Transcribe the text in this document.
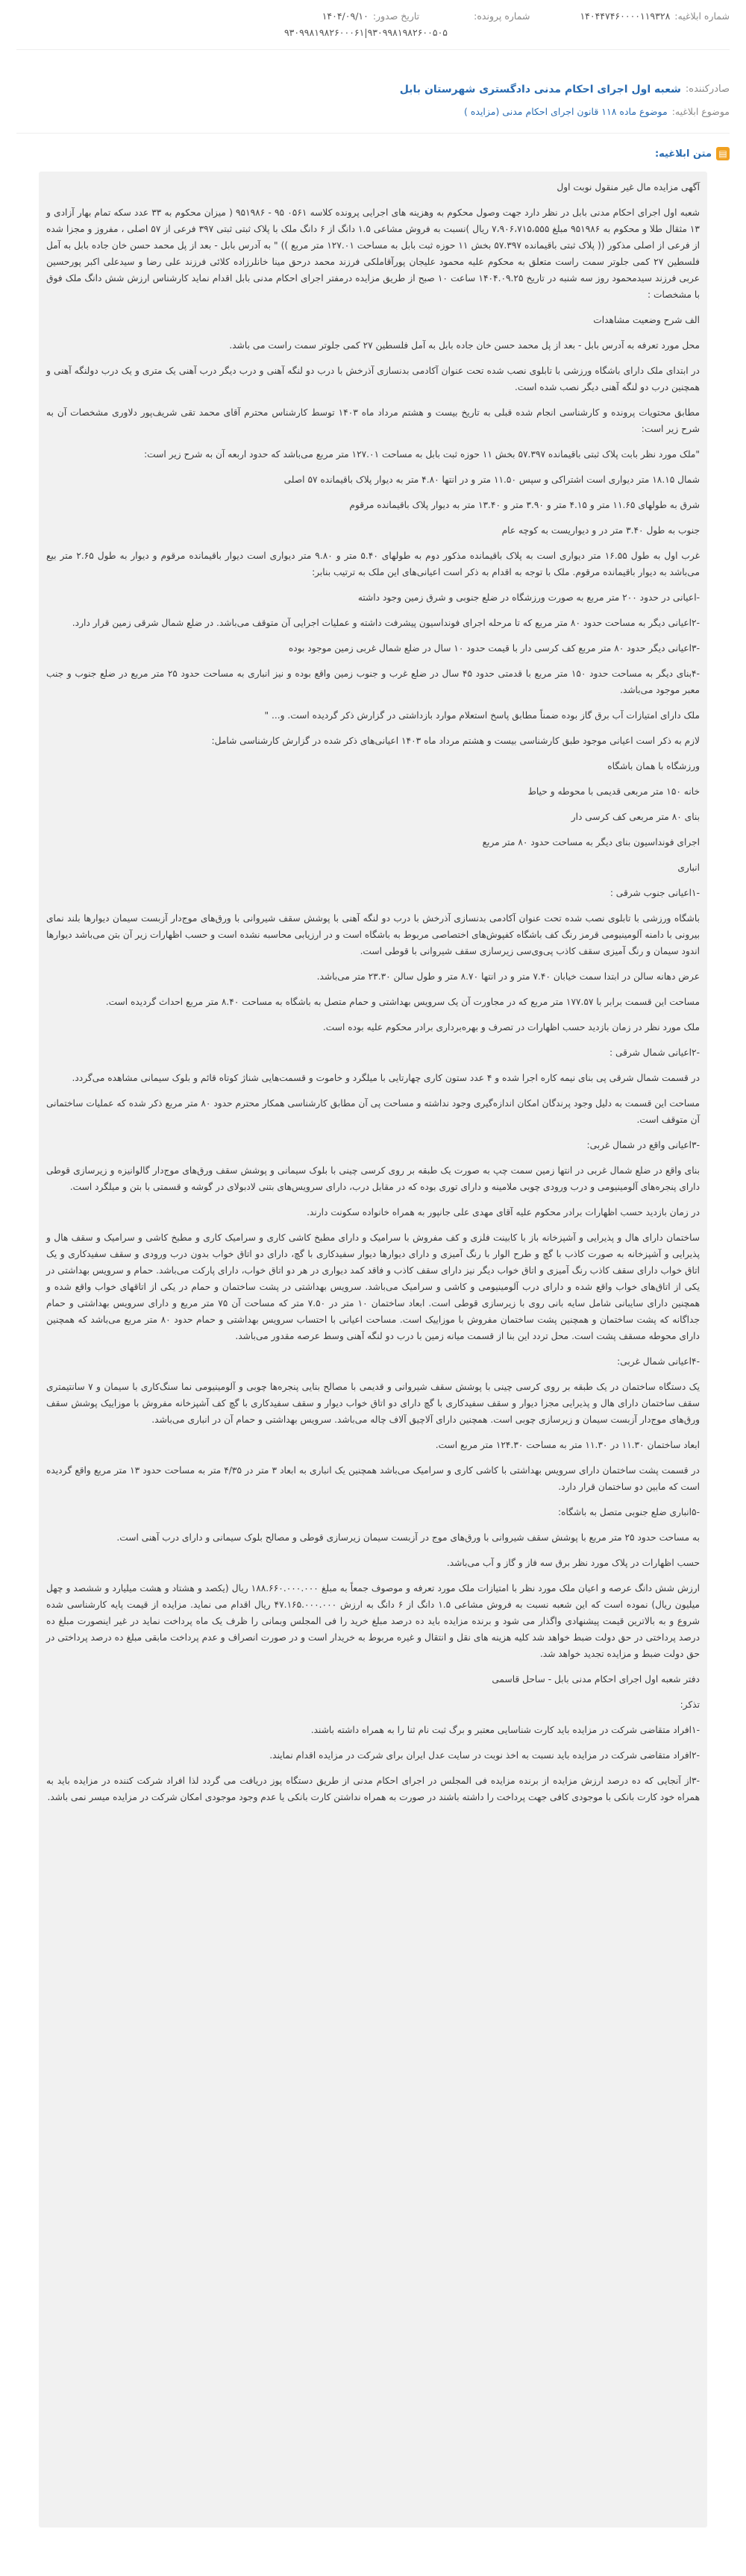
شماره ابلاغیه:
۱۴۰۴۴۷۴۶۰۰۰۰۱۱۹۳۲۸
شماره پرونده:
تاریخ صدور:
۱۴۰۴/۰۹/۱۰
۹۳۰۹۹۸۱۹۸۲۶۰۰۰۶۱|۹۳۰۹۹۸۱۹۸۲۶۰۰۵۰۵
صادرکننده:
شعبه اول اجرای احکام مدنی دادگستری شهرستان بابل
موضوع ابلاغیه:
موضوع ماده ۱۱۸ قانون اجرای احکام مدنی (مزایده )
▤
متن ابلاغیه:

آگهی مزایده مال غیر منقول نوبت اول

شعبه اول اجرای احکام مدنی بابل در نظر دارد جهت وصول محکوم به وهزینه های اجرایی پرونده کلاسه ۰۵۶۱ ۹۵ - ۹۵۱۹۸۶ ( میزان محکوم به ۳۳ عدد سکه تمام بهار آزادی و ۱۳ مثقال طلا و محکوم به ۹۵۱۹۸۶ مبلغ ۷،۹۰۶،۷۱۵،۵۵۵ ریال )نسبت به فروش مشاعی ۱.۵ دانگ از ۶ دانگ ملک با پلاک ثبتی ثبتی ۳۹۷ فرعی از ۵۷ اصلی ، مفروز و مجزا شده از فرعی از اصلی مذکور (( پلاک ثبتی باقیمانده ۵۷.۳۹۷ بخش ۱۱ حوزه ثبت بابل به مساحت ۱۲۷.۰۱ متر مربع )) " به آدرس بابل - بعد از پل محمد حسن خان جاده بابل به آمل فلسطین ۲۷ کمی جلوتر سمت راست متعلق به محکوم علیه محمود علیجان پورآقاملکی فرزند محمد درحق مینا خانلرزاده کلائی فرزند علی رضا و سیدعلی اکبر پورحسین عربی فرزند سیدمحمود روز سه شنبه در تاریخ ۱۴۰۴.۰۹.۲۵ ساعت ۱۰ صبح از طریق مزایده درمفتر اجرای احکام مدنی بابل اقدام نماید کارشناس ارزش شش دانگ ملک فوق با مشخصات :

الف شرح وضعیت مشاهدات

محل مورد تعرفه به آدرس بابل - بعد از پل محمد حسن خان جاده بابل به آمل فلسطین ۲۷ کمی جلوتر سمت راست می باشد.

در ابتدای ملک دارای باشگاه ورزشی با تابلوی نصب شده تحت عنوان آکادمی بدنسازی آذرخش با درب دو لنگه آهنی و درب دیگر درب آهنی یک متری و یک درب دولنگه آهنی و همچنین درب دو لنگه آهنی دیگر نصب شده است.

مطابق محتویات پرونده و کارشناسی انجام شده قبلی به تاریخ بیست و هشتم مرداد ماه ۱۴۰۳ توسط کارشناس محترم آقای محمد تقی شریف‌پور دلاوری مشخصات آن به شرح زیر است:

"ملک مورد نظر بابت پلاک ثبتی باقیمانده ۵۷.۳۹۷ بخش ۱۱ حوزه ثبت بابل به مساحت ۱۲۷.۰۱ متر مربع می‌باشد که حدود اربعه آن به شرح زیر است:

شمال ۱۸.۱۵ متر دیواری است اشتراکی و سپس ۱۱.۵۰ متر و در انتها ۴.۸۰ متر به دیوار پلاک باقیمانده ۵۷ اصلی

شرق به طولهای ۱۱.۶۵ متر و ۴.۱۵ متر و ۳.۹۰ متر و ۱۳.۴۰ متر به دیوار پلاک باقیمانده مرقوم

جنوب به طول ۳.۴۰ متر در و دیواریست به کوچه عام

غرب اول به طول ۱۶.۵۵ متر دیواری است به پلاک باقیمانده مذکور دوم به طولهای ۵.۴۰ متر و ۹.۸۰ متر دیواری است دیوار باقیمانده مرقوم و دیوار به طول ۲.۶۵ متر بیع می‌باشد به دیوار باقیمانده مرقوم. ملک با توجه به اقدام به ذکر است اعیانی‌های این ملک به ترتیب بنابر:

-اعیانی در حدود ۲۰۰ متر مربع به صورت ورزشگاه در ضلع جنوبی و شرق زمین وجود داشته

-۲اعیانی دیگر به مساحت حدود ۸۰ متر مربع که تا مرحله اجرای فونداسیون پیشرفت داشته و عملیات اجرایی آن متوقف می‌باشد. در ضلع شمال شرقی زمین قرار دارد.

-۳اعیانی دیگر حدود ۸۰ متر مربع کف کرسی دار با قیمت حدود ۱۰ سال در ضلع شمال غربی زمین موجود بوده

-۴بنای دیگر به مساحت حدود ۱۵۰ متر مربع با قدمتی حدود ۴۵ سال در ضلع غرب و جنوب زمین واقع بوده و نیز انباری به مساحت حدود ۲۵ متر مربع در ضلع جنوب و جنب معبر موجود می‌باشد.

ملک دارای امتیازات آب برق گاز بوده ضمناً مطابق پاسخ استعلام موارد بازداشتی در گزارش ذکر گردیده است. و... "

لازم به ذکر است اعیانی موجود طبق کارشناسی بیست و هشتم مرداد ماه ۱۴۰۳ اعیانی‌های ذکر شده در گزارش کارشناسی شامل:

ورزشگاه با همان باشگاه

خانه ۱۵۰ متر مربعی قدیمی با محوطه و حیاط

بنای ۸۰ متر مربعی کف کرسی دار

اجرای فونداسیون بنای دیگر به مساحت حدود ۸۰ متر مربع

انباری

-۱اعیانی جنوب شرقی :

باشگاه ورزشی با تابلوی نصب شده تحت عنوان آکادمی بدنسازی آذرخش با درب دو لنگه آهنی با پوشش سقف شیروانی با ورق‌های موج‌دار آزبست سیمان دیوارها بلند نمای بیرونی با دامنه آلومینیومی قرمز رنگ کف باشگاه کفپوش‌های اختصاصی مربوط به باشگاه است و در ارزیابی محاسبه نشده است و حسب اظهارات زیر آن بتن می‌باشد دیوارها اندود سیمان و رنگ آمیزی سقف کاذب پی‌وی‌سی زیرسازی سقف شیروانی با قوطی است.

عرض دهانه سالن در ابتدا سمت خیابان ۷.۴۰ متر و در انتها ۸.۷۰ متر و طول سالن ۲۳.۳۰ متر می‌باشد.

مساحت این قسمت برابر با ۱۷۷.۵۷ متر مربع که در مجاورت آن یک سرویس بهداشتی و حمام متصل به باشگاه به مساحت ۸.۴۰ متر مربع احداث گردیده است.

ملک مورد نظر در زمان بازدید حسب اظهارات در تصرف و بهره‌برداری برادر محکوم علیه بوده است.

-۲اعیانی شمال شرقی :

در قسمت شمال شرقی پی بنای نیمه کاره اجرا شده و ۴ عدد ستون کاری چهارتایی با میلگرد و خاموت و قسمت‌هایی شناژ کوتاه قائم و بلوک سیمانی مشاهده می‌گردد.

مساحت این قسمت به دلیل وجود پرندگان امکان اندازه‌گیری وجود نداشته و مساحت پی آن مطابق کارشناسی همکار محترم حدود ۸۰ متر مربع ذکر شده که عملیات ساختمانی آن متوقف است.

-۳اعیانی واقع در شمال غربی:

بنای واقع در ضلع شمال غربی در انتها زمین سمت چپ به صورت یک طبقه بر روی کرسی چینی با بلوک سیمانی و پوشش سقف ورق‌های موج‌دار گالوانیزه و زیرسازی قوطی دارای پنجره‌های آلومینیومی و درب ورودی چوبی ملامینه و دارای توری بوده که در مقابل درب، دارای سرویس‌های بتنی لادبولای در گوشه و قسمتی با بتن و میلگرد است.

در زمان بازدید حسب اظهارات برادر محکوم علیه آقای مهدی علی جانپور به همراه خانواده سکونت دارند.

ساختمان دارای هال و پذیرایی و آشپزخانه باز با کابینت فلزی و کف مفروش با سرامیک و دارای مطبخ کاشی کاری و سرامیک کاری و مطبخ کاشی و سرامیک و سقف هال و پذیرایی و آشپزخانه به صورت کاذب با گچ و طرح الوار با رنگ آمیزی و دارای دیوارها دیوار سفیدکاری با گچ، دارای دو اتاق خواب بدون درب ورودی و سقف سفیدکاری و یک اتاق خواب دارای سقف کاذب رنگ آمیزی و اتاق خواب دیگر نیز دارای سقف کاذب و فاقد کمد دیواری در هر دو اتاق خواب، دارای پارکت می‌باشد. حمام و سرویس بهداشتی در یکی از اتاق‌های خواب واقع شده و دارای درب آلومینیومی و کاشی و سرامیک می‌باشد. سرویس بهداشتی در پشت ساختمان و حمام در یکی از اتاقهای خواب واقع شده و همچنین دارای سایبانی شامل سایه بانی روی با زیرسازی قوطی است. ابعاد ساختمان ۱۰ متر در ۷.۵۰ متر که مساحت آن ۷۵ متر مربع و دارای سرویس بهداشتی و حمام جداگانه که پشت ساختمان و همچنین پشت ساختمان مفروش با موزاییک است. مساحت اعیانی با احتساب سرویس بهداشتی و حمام حدود ۸۰ متر مربع می‌باشد که همچنین دارای محوطه مسقف پشت است. محل تردد این بنا از قسمت میانه زمین با درب دو لنگه آهنی وسط عرصه مقدور می‌باشد.

-۴اعیانی شمال غربی:

یک دستگاه ساختمان در یک طبقه بر روی کرسی چینی با پوشش سقف شیروانی و قدیمی با مصالح بنایی پنجره‌ها چوبی و آلومینیومی نما سنگ‌کاری با سیمان و ۷ سانتیمتری سقف ساختمان دارای هال و پذیرایی مجزا دیوار و سقف سفیدکاری با گچ دارای دو اتاق خواب دیوار و سقف سفیدکاری با گچ کف آشپزخانه مفروش با موزاییک پوشش سقف ورق‌های موج‌دار آزبست سیمان و زیرسازی چوبی است. همچنین دارای آلاچیق آلاف چاله می‌باشد. سرویس بهداشتی و حمام آن در انباری می‌باشد.

ابعاد ساختمان ۱۱.۳۰ در ۱۱.۳۰ متر به مساحت ۱۲۴.۳۰ متر مربع است.

در قسمت پشت ساختمان دارای سرویس بهداشتی با کاشی کاری و سرامیک می‌باشد همچنین یک انباری به ابعاد ۳ متر در ۴/۳۵ متر به مساحت حدود ۱۳ متر مربع واقع گردیده است که مابین دو ساختمان قرار دارد.

-۵انباری ضلع جنوبی متصل به باشگاه:

به مساحت حدود ۲۵ متر مربع با پوشش سقف شیروانی با ورق‌های موج در آزبست سیمان زیرسازی قوطی و مصالح بلوک سیمانی و دارای درب آهنی است.

حسب اظهارات در پلاک مورد نظر برق سه فاز و گاز و آب می‌باشد.

ارزش شش دانگ عرصه و اعیان ملک مورد نظر با امتیازات ملک مورد تعرفه و موصوف جمعاً به مبلغ ۱۸۸.۶۶۰.۰۰۰.۰۰۰ ریال (یکصد و هشتاد و هشت میلیارد و ششصد و چهل میلیون ریال) نموده است که این شعبه نسبت به فروش مشاعی ۱.۵ دانگ از ۶ دانگ به ارزش ۴۷.۱۶۵.۰۰۰.۰۰۰ ریال اقدام می نماید. مزایده از قیمت پایه کارشناسی شده شروع و به بالاترین قیمت پیشنهادی واگذار می شود و برنده مزایده باید ده درصد مبلغ خرید را فی المجلس وبمانی را ظرف یک ماه پرداخت نماید در غیر اینصورت مبلغ ده درصد پرداختی در حق دولت ضبط خواهد شد کلیه هزینه های نقل و انتقال و غیره مربوط به خریدار است و در صورت انصراف و عدم پرداخت مابقی مبلغ ده درصد پرداختی در حق دولت ضبط و مزایده تجدید خواهد شد.

دفتر شعبه اول اجرای احکام مدنی بابل - ساحل قاسمی

تذکر:

-۱افراد متقاضی شرکت در مزایده باید کارت شناسایی معتبر و برگ ثبت نام ثنا را به همراه داشته باشند.

-۲افراد متقاضی شرکت در مزایده باید نسبت به اخذ نوبت در سایت عدل ایران برای شرکت در مزایده اقدام نمایند.

-۳از آنجایی که ده درصد ارزش مزایده از برنده مزایده فی المجلس در اجرای احکام مدنی از طریق دستگاه پوز دریافت می گردد لذا افراد شرکت کننده در مزایده باید به همراه خود کارت بانکی با موجودی کافی جهت پرداخت را داشته باشند در صورت به همراه نداشتن کارت بانکی یا عدم وجود موجودی امکان شرکت در مزایده میسر نمی باشد.
